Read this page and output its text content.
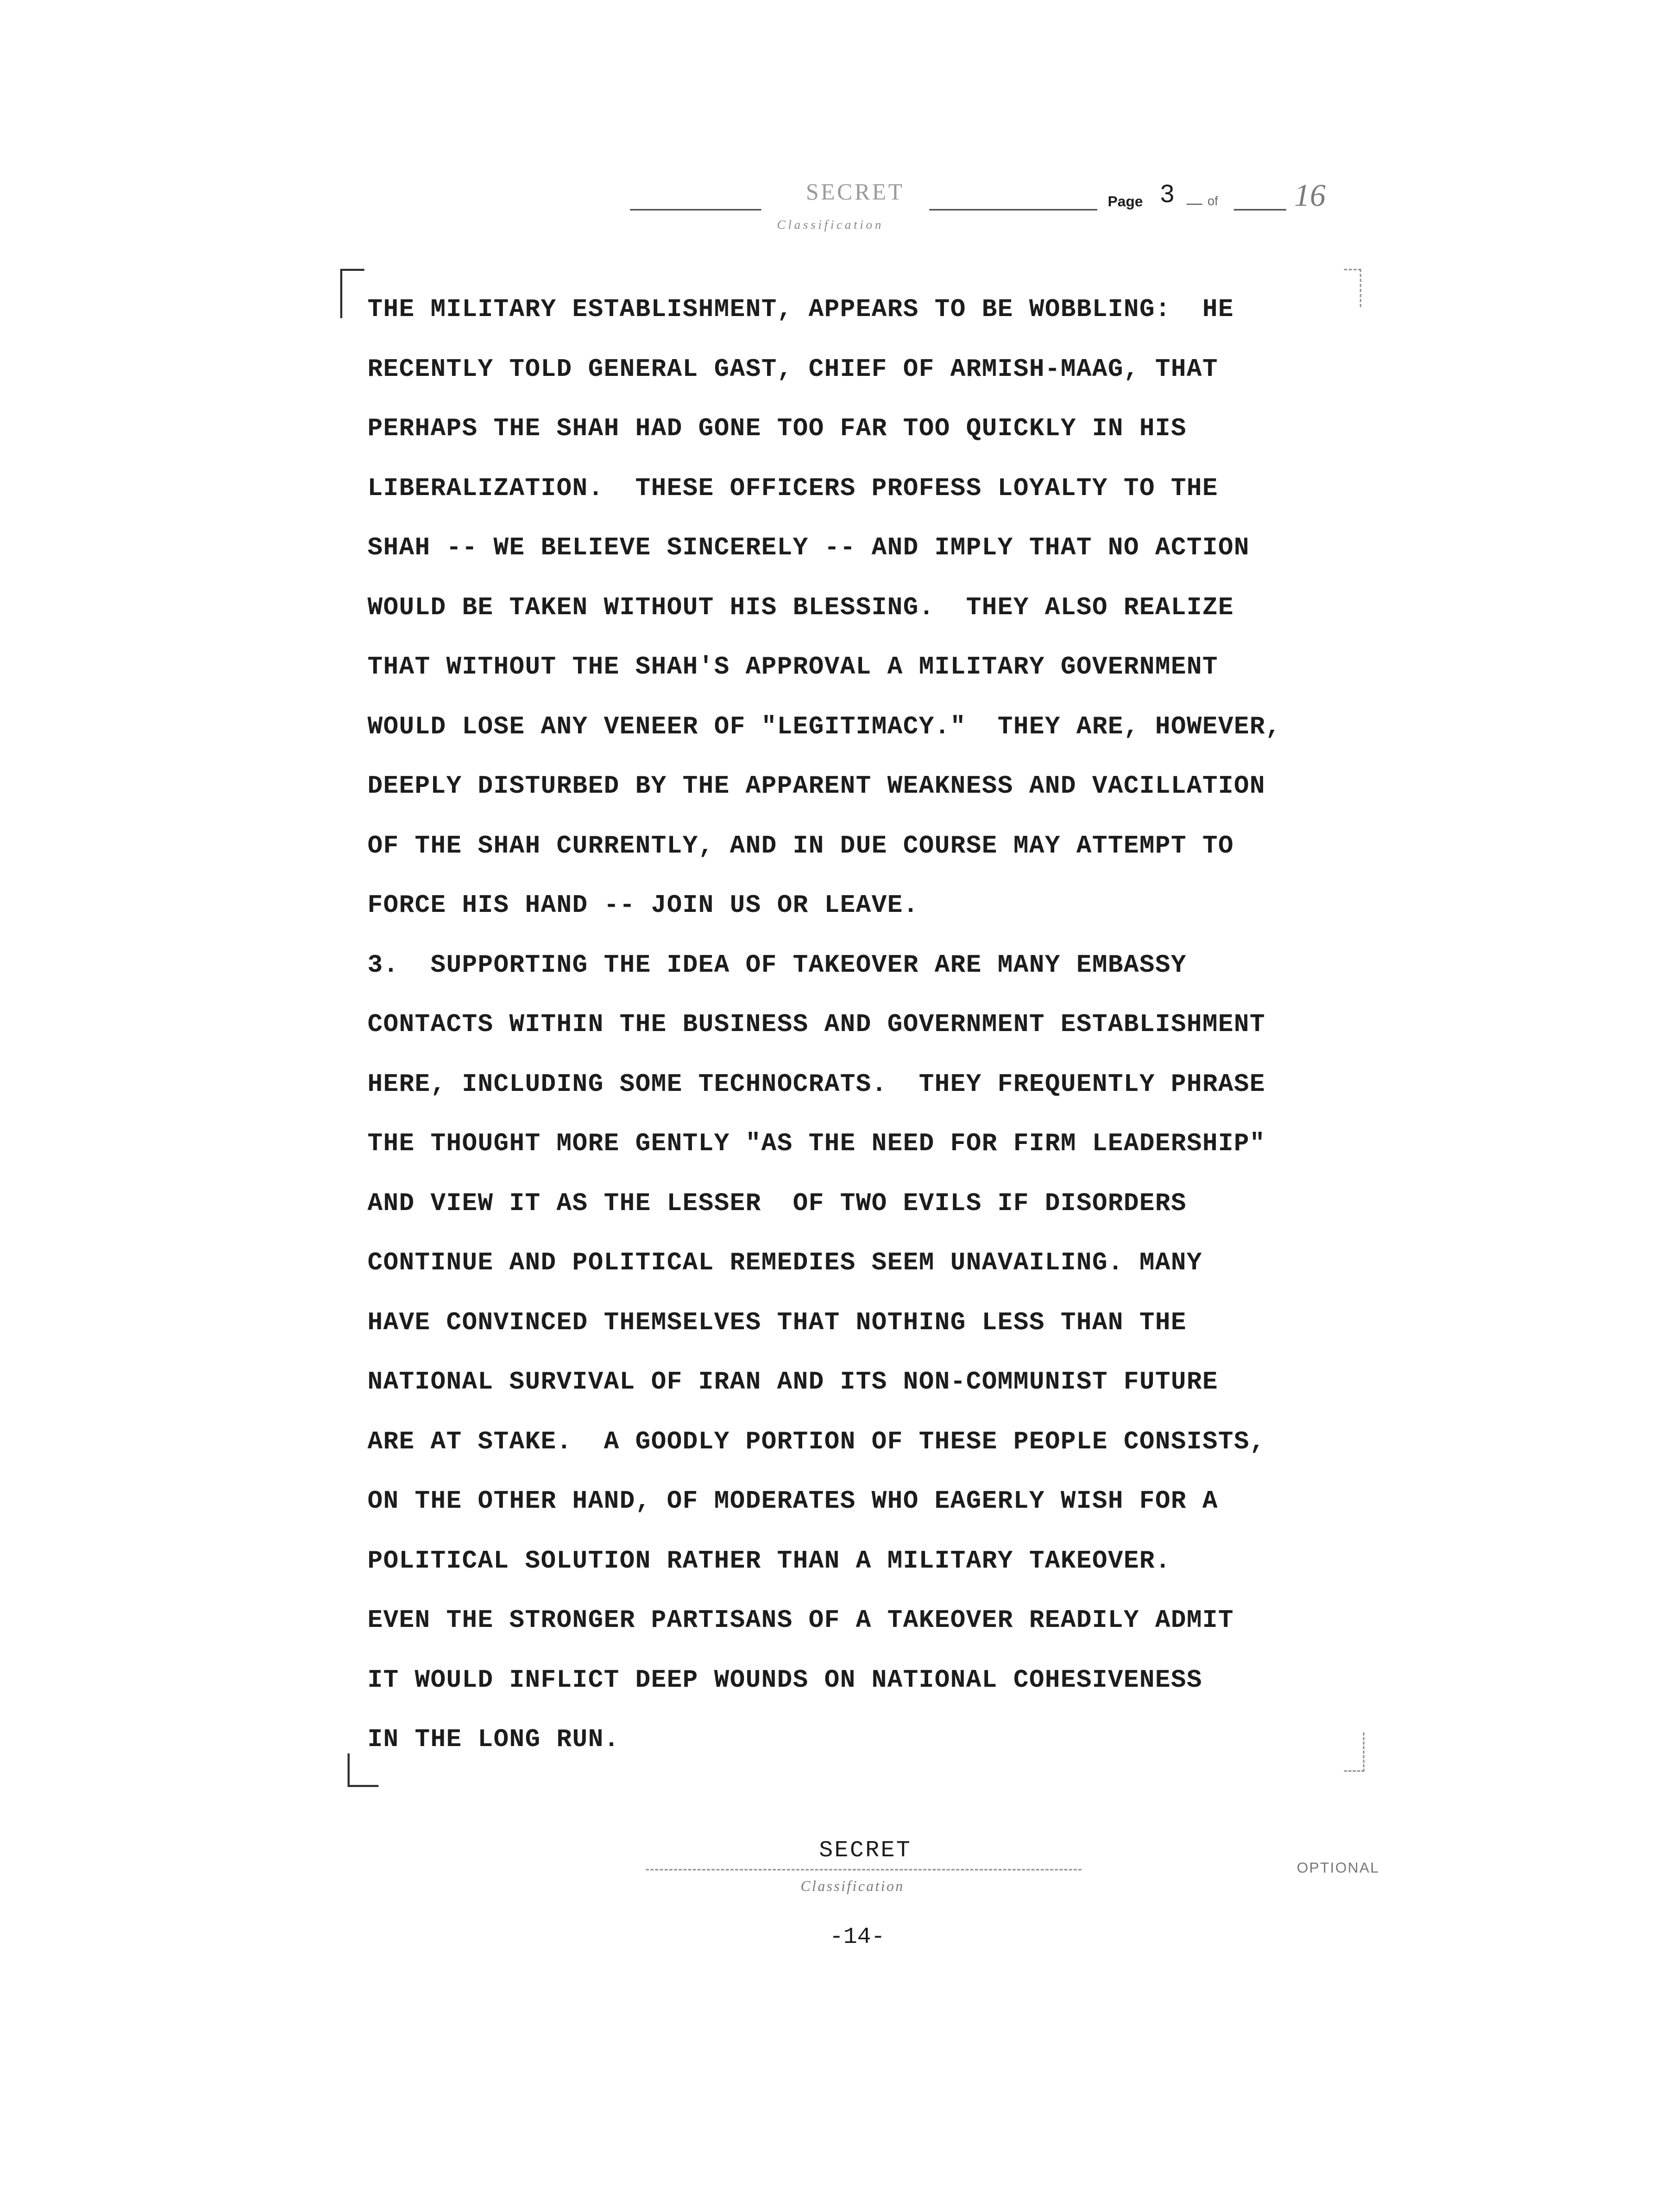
SECRET
Classification
Page 3	of 16
THE MILITARY ESTABLISHMENT, APPEARS TO BE WOBBLING:  HE
RECENTLY TOLD GENERAL GAST, CHIEF OF ARMISH-MAAG, THAT
PERHAPS THE SHAH HAD GONE TOO FAR TOO QUICKLY IN HIS
LIBERALIZATION.  THESE OFFICERS PROFESS LOYALTY TO THE
SHAH -- WE BELIEVE SINCERELY -- AND IMPLY THAT NO ACTION
WOULD BE TAKEN WITHOUT HIS BLESSING.  THEY ALSO REALIZE
THAT WITHOUT THE SHAH'S APPROVAL A MILITARY GOVERNMENT
WOULD LOSE ANY VENEER OF "LEGITIMACY."  THEY ARE, HOWEVER,
DEEPLY DISTURBED BY THE APPARENT WEAKNESS AND VACILLATION
OF THE SHAH CURRENTLY, AND IN DUE COURSE MAY ATTEMPT TO
FORCE HIS HAND -- JOIN US OR LEAVE.
3.  SUPPORTING THE IDEA OF TAKEOVER ARE MANY EMBASSY
CONTACTS WITHIN THE BUSINESS AND GOVERNMENT ESTABLISHMENT
HERE, INCLUDING SOME TECHNOCRATS.  THEY FREQUENTLY PHRASE
THE THOUGHT MORE GENTLY "AS THE NEED FOR FIRM LEADERSHIP"
AND VIEW IT AS THE LESSER  OF TWO EVILS IF DISORDERS
CONTINUE AND POLITICAL REMEDIES SEEM UNAVAILING. MANY
HAVE CONVINCED THEMSELVES THAT NOTHING LESS THAN THE
NATIONAL SURVIVAL OF IRAN AND ITS NON-COMMUNIST FUTURE
ARE AT STAKE.  A GOODLY PORTION OF THESE PEOPLE CONSISTS,
ON THE OTHER HAND, OF MODERATES WHO EAGERLY WISH FOR A
POLITICAL SOLUTION RATHER THAN A MILITARY TAKEOVER.
EVEN THE STRONGER PARTISANS OF A TAKEOVER READILY ADMIT
IT WOULD INFLICT DEEP WOUNDS ON NATIONAL COHESIVENESS
IN THE LONG RUN.
SECRET
Classification
-14-
OPTIONAL
